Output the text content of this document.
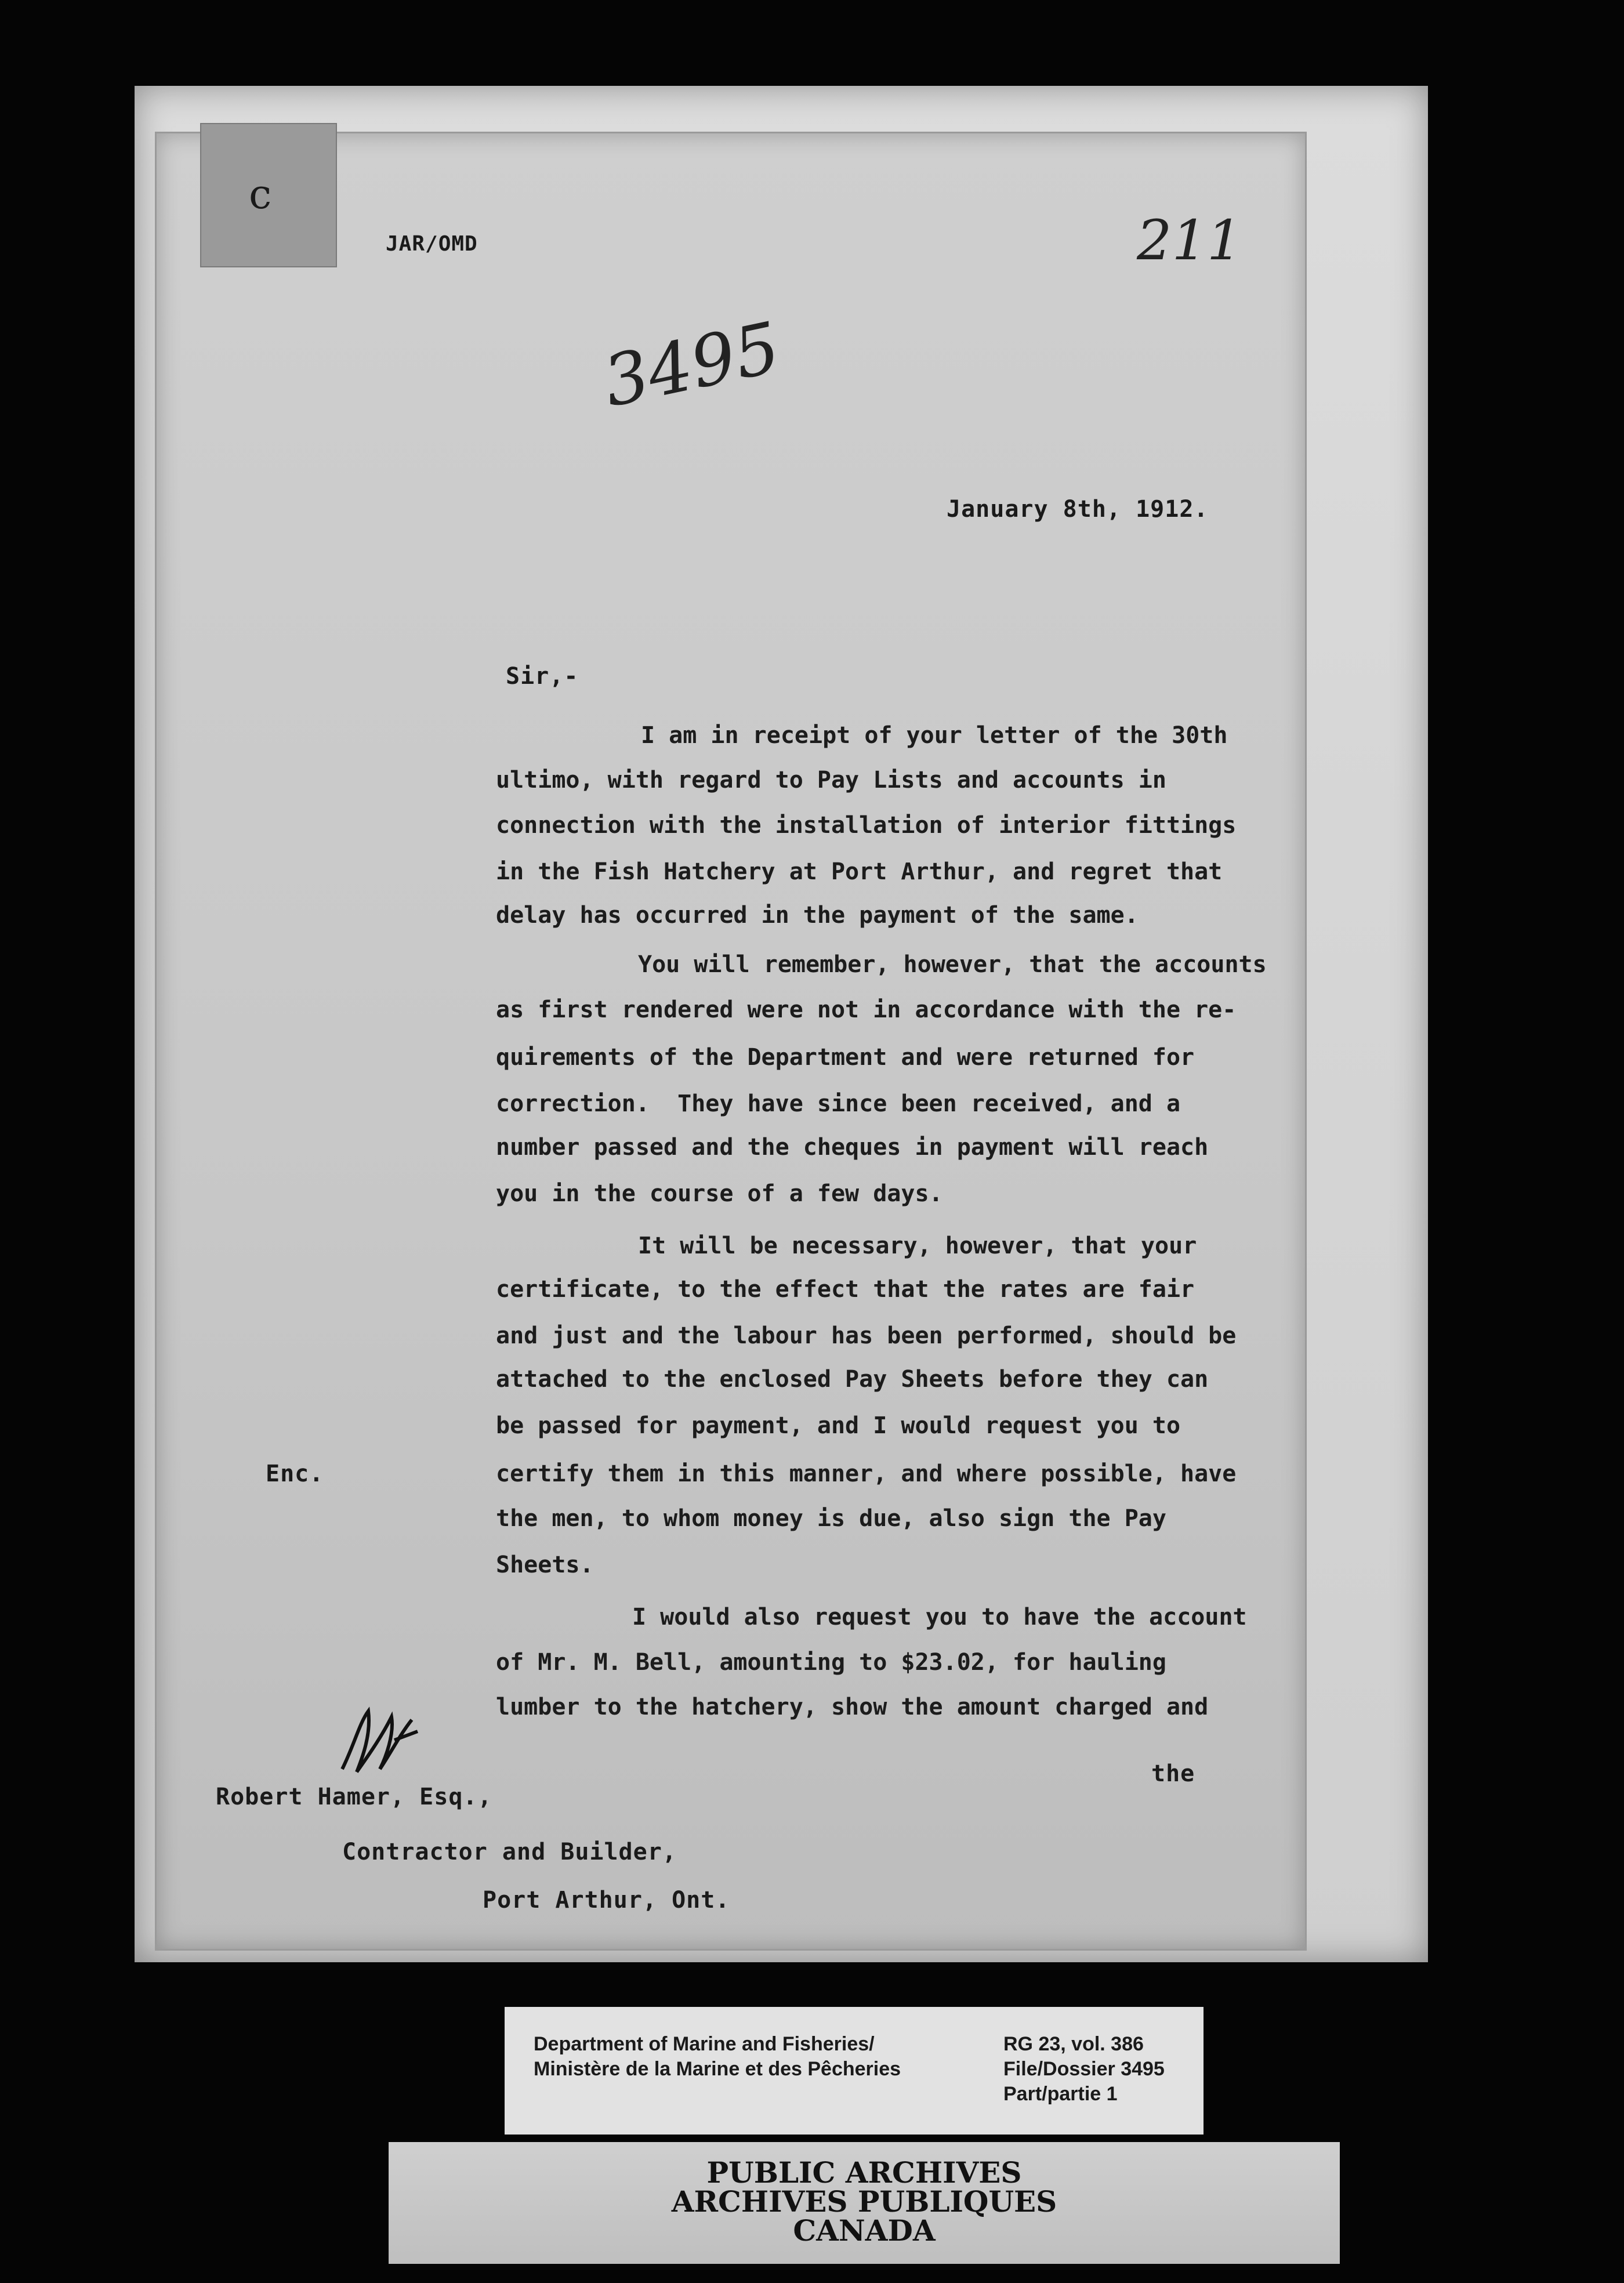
c
JAR/OMD	211
3495
January 8th, 1912.
Sir,-
I am in receipt of your letter of the 30th
ultimo, with regard to Pay Lists and accounts in
connection with the installation of interior fittings
in the Fish Hatchery at Port Arthur, and regret that
delay has occurred in the payment of the same.
You will remember, however, that the accounts
as first rendered were not in accordance with the re-
quirements of the Department and were returned for
correction.  They have since been received, and a
number passed and the cheques in payment will reach
you in the course of a few days.
It will be necessary, however, that your
certificate, to the effect that the rates are fair
and just and the labour has been performed, should be
attached to the enclosed Pay Sheets before they can
be passed for payment, and I would request you to
certify them in this manner, and where possible, have
the men, to whom money is due, also sign the Pay
Sheets.
I would also request you to have the account
of Mr. M. Bell, amounting to $23.02, for hauling
lumber to the hatchery, show the amount charged and
the
Enc.
Robert Hamer, Esq.,
Contractor and Builder,
Port Arthur, Ont.
Department of Marine and Fisheries/
Ministère de la Marine et des Pêcheries
RG 23, vol. 386
File/Dossier 3495
Part/partie 1
PUBLIC ARCHIVES
ARCHIVES PUBLIQUES
CANADA
